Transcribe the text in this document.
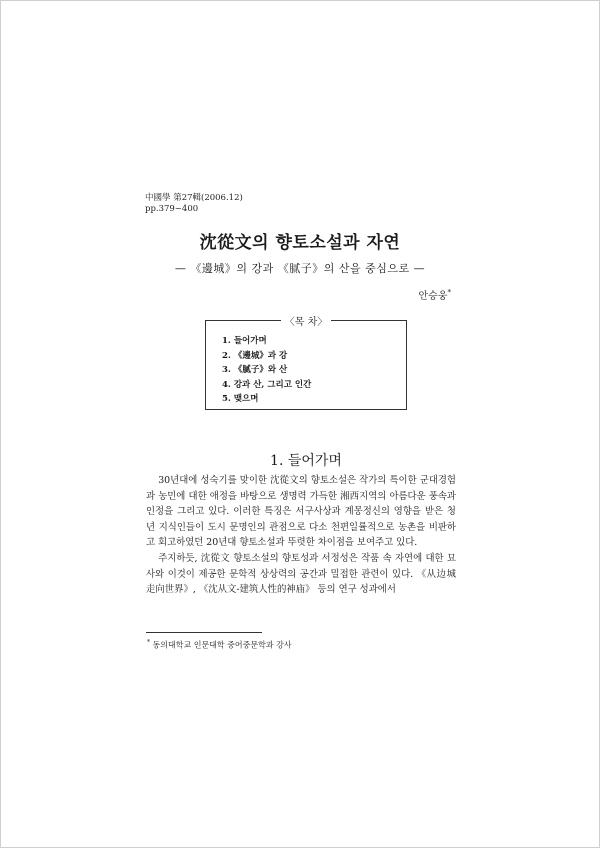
中國學 第27輯(2006.12)
pp.379~400
沈從文의 향토소설과 자연
— 《邊城》의 강과 《腻子》의 산을 중심으로 —
안승웅*
〈목 차〉
1. 들어가며
2. 《邊城》과 강
3. 《腻子》와 산
4. 강과 산, 그리고 인간
5. 맺으며
1. 들어가며

30년대에 성숙기를 맞이한 沈從文의 향토소설은 작가의 특이한 군대경험과 농민에 대한 애정을 바탕으로 생명력 가득한 湘西지역의 아름다운 풍속과 인정을 그리고 있다. 이러한 특징은 서구사상과 계몽정신의 영향을 받은 청년 지식인들이 도시 문명인의 관점으로 다소 천편일률적으로 농촌을 비판하고 회고하였던 20년대 향토소설과 뚜렷한 차이점을 보여주고 있다.

주지하듯, 沈從文 향토소설의 향토성과 서정성은 작품 속 자연에 대한 묘사와 이것이 제공한 문학적 상상력의 공간과 밀접한 관련이 있다. 《从边城走向世界》, 《沈从文-建筑人性的神庙》 등의 연구 성과에서

* 동의대학교 인문대학 중어중문학과 강사
